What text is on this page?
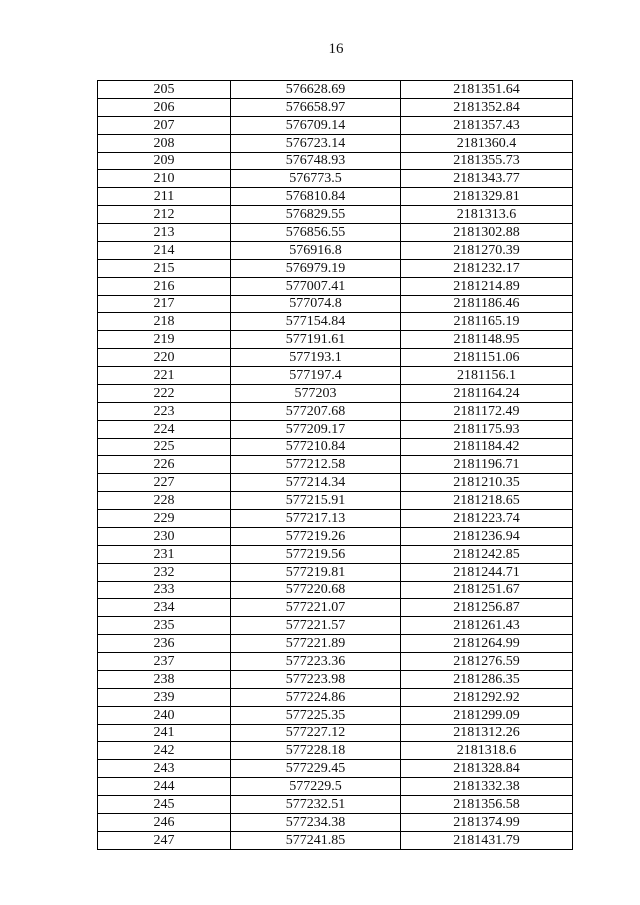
16
205	576628.69	2181351.64
206	576658.97	2181352.84
207	576709.14	2181357.43
208	576723.14	2181360.4
209	576748.93	2181355.73
210	576773.5	2181343.77
211	576810.84	2181329.81
212	576829.55	2181313.6
213	576856.55	2181302.88
214	576916.8	2181270.39
215	576979.19	2181232.17
216	577007.41	2181214.89
217	577074.8	2181186.46
218	577154.84	2181165.19
219	577191.61	2181148.95
220	577193.1	2181151.06
221	577197.4	2181156.1
222	577203	2181164.24
223	577207.68	2181172.49
224	577209.17	2181175.93
225	577210.84	2181184.42
226	577212.58	2181196.71
227	577214.34	2181210.35
228	577215.91	2181218.65
229	577217.13	2181223.74
230	577219.26	2181236.94
231	577219.56	2181242.85
232	577219.81	2181244.71
233	577220.68	2181251.67
234	577221.07	2181256.87
235	577221.57	2181261.43
236	577221.89	2181264.99
237	577223.36	2181276.59
238	577223.98	2181286.35
239	577224.86	2181292.92
240	577225.35	2181299.09
241	577227.12	2181312.26
242	577228.18	2181318.6
243	577229.45	2181328.84
244	577229.5	2181332.38
245	577232.51	2181356.58
246	577234.38	2181374.99
247	577241.85	2181431.79
